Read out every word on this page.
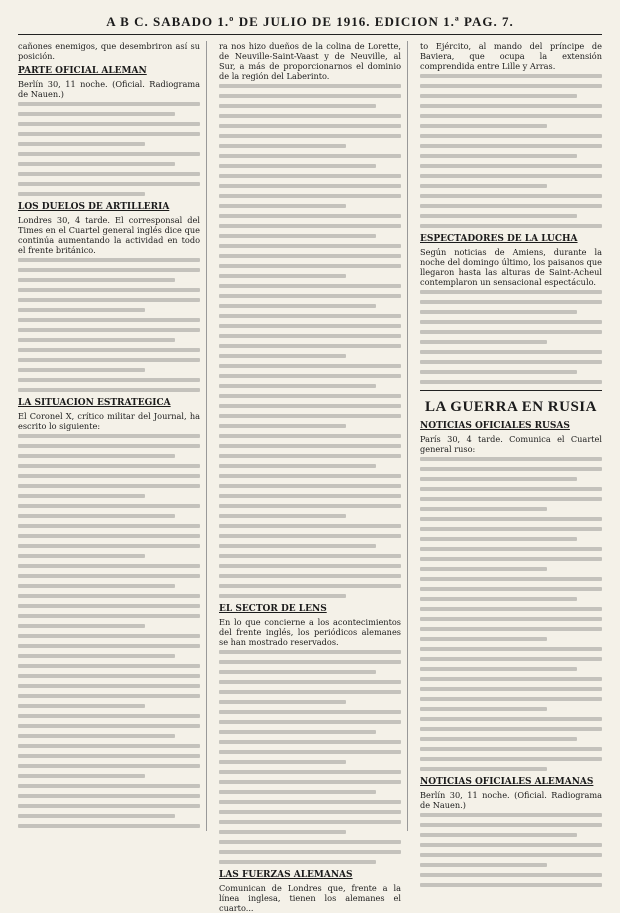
A B C. SABADO 1.º DE JULIO DE 1916. EDICION 1.ª PAG. 7.

cañones enemigos, que desembriron así su posición.

PARTE OFICIAL ALEMAN

Berlín 30, 11 noche. (Oficial. Radiograma de Nauen.)

LOS DUELOS DE ARTILLERIA

Londres 30, 4 tarde. El corresponsal del Times en el Cuartel general inglés dice que continúa aumentando la actividad en todo el frente británico.

LA SITUACION ESTRATEGICA

El Coronel X, crítico militar del Journal, ha escrito lo siguiente:

ra nos hizo dueños de la colina de Lorette, de Neuville-Saint-Vaast y de Neuville, al Sur, a más de proporcionarnos el dominio de la región del Laberinto.

EL SECTOR DE LENS

En lo que concierne a los acontecimientos del frente inglés, los periódicos alemanes se han mostrado reservados.

LAS FUERZAS ALEMANAS

Comunican de Londres que, frente a la línea inglesa, tienen los alemanes el cuarto...

to Ejército, al mando del príncipe de Baviera, que ocupa la extensión comprendida entre Lille y Arras.

ESPECTADORES DE LA LUCHA

Según noticias de Amiens, durante la noche del domingo último, los paisanos que llegaron hasta las alturas de Saint-Acheul contemplaron un sensacional espectáculo.

LA GUERRA EN RUSIA
NOTICIAS OFICIALES RUSAS

París 30, 4 tarde. Comunica el Cuartel general ruso:

NOTICIAS OFICIALES ALEMANAS

Berlín 30, 11 noche. (Oficial. Radiograma de Nauen.)
